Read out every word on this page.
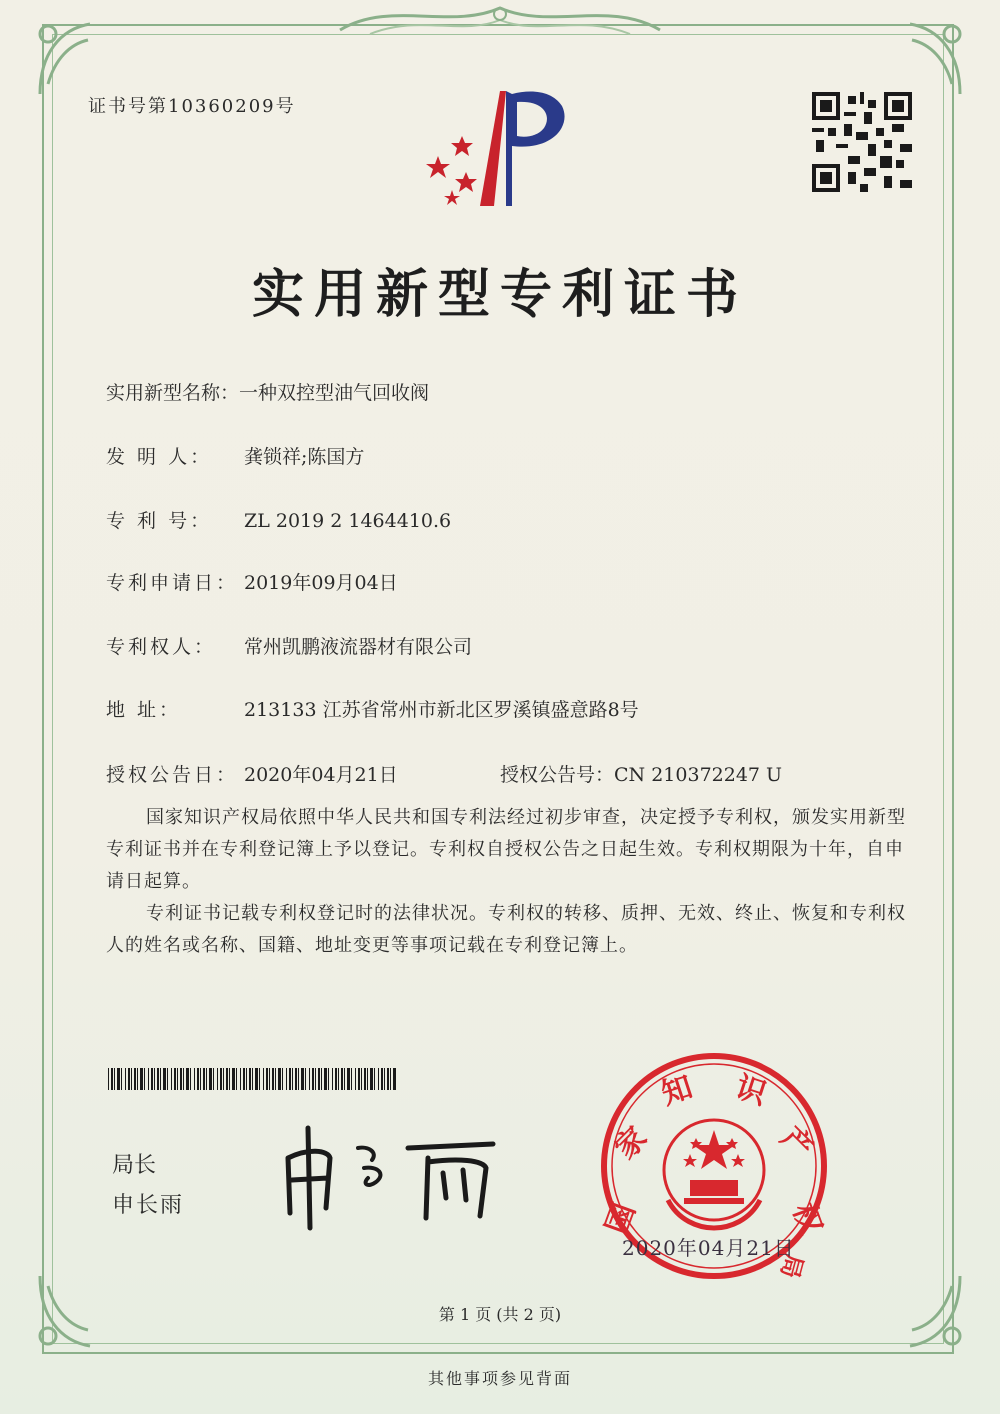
证书号第10360209号
实用新型专利证书
实用新型名称：一种双控型油气回收阀
发 明 人： 龚锁祥;陈国方
专 利 号： ZL 2019 2 1464410.6
专利申请日： 2019年09月04日
专利权人： 常州凯鹏液流器材有限公司
地 址：	213133 江苏省常州市新北区罗溪镇盛意路8号
授权公告日： 2020年04月21日	授权公告号：CN 210372247 U
国家知识产权局依照中华人民共和国专利法经过初步审查，决定授予专利权，颁发实用新型专利证书并在专利登记簿上予以登记。专利权自授权公告之日起生效。专利权期限为十年，自申请日起算。
专利证书记载专利权登记时的法律状况。专利权的转移、质押、无效、终止、恢复和专利权人的姓名或名称、国籍、地址变更等事项记载在专利登记簿上。
局长
申长雨	国
家
知 识
产
权
局
2020年04月21日
第 1 页 (共 2 页)
其他事项参见背面
